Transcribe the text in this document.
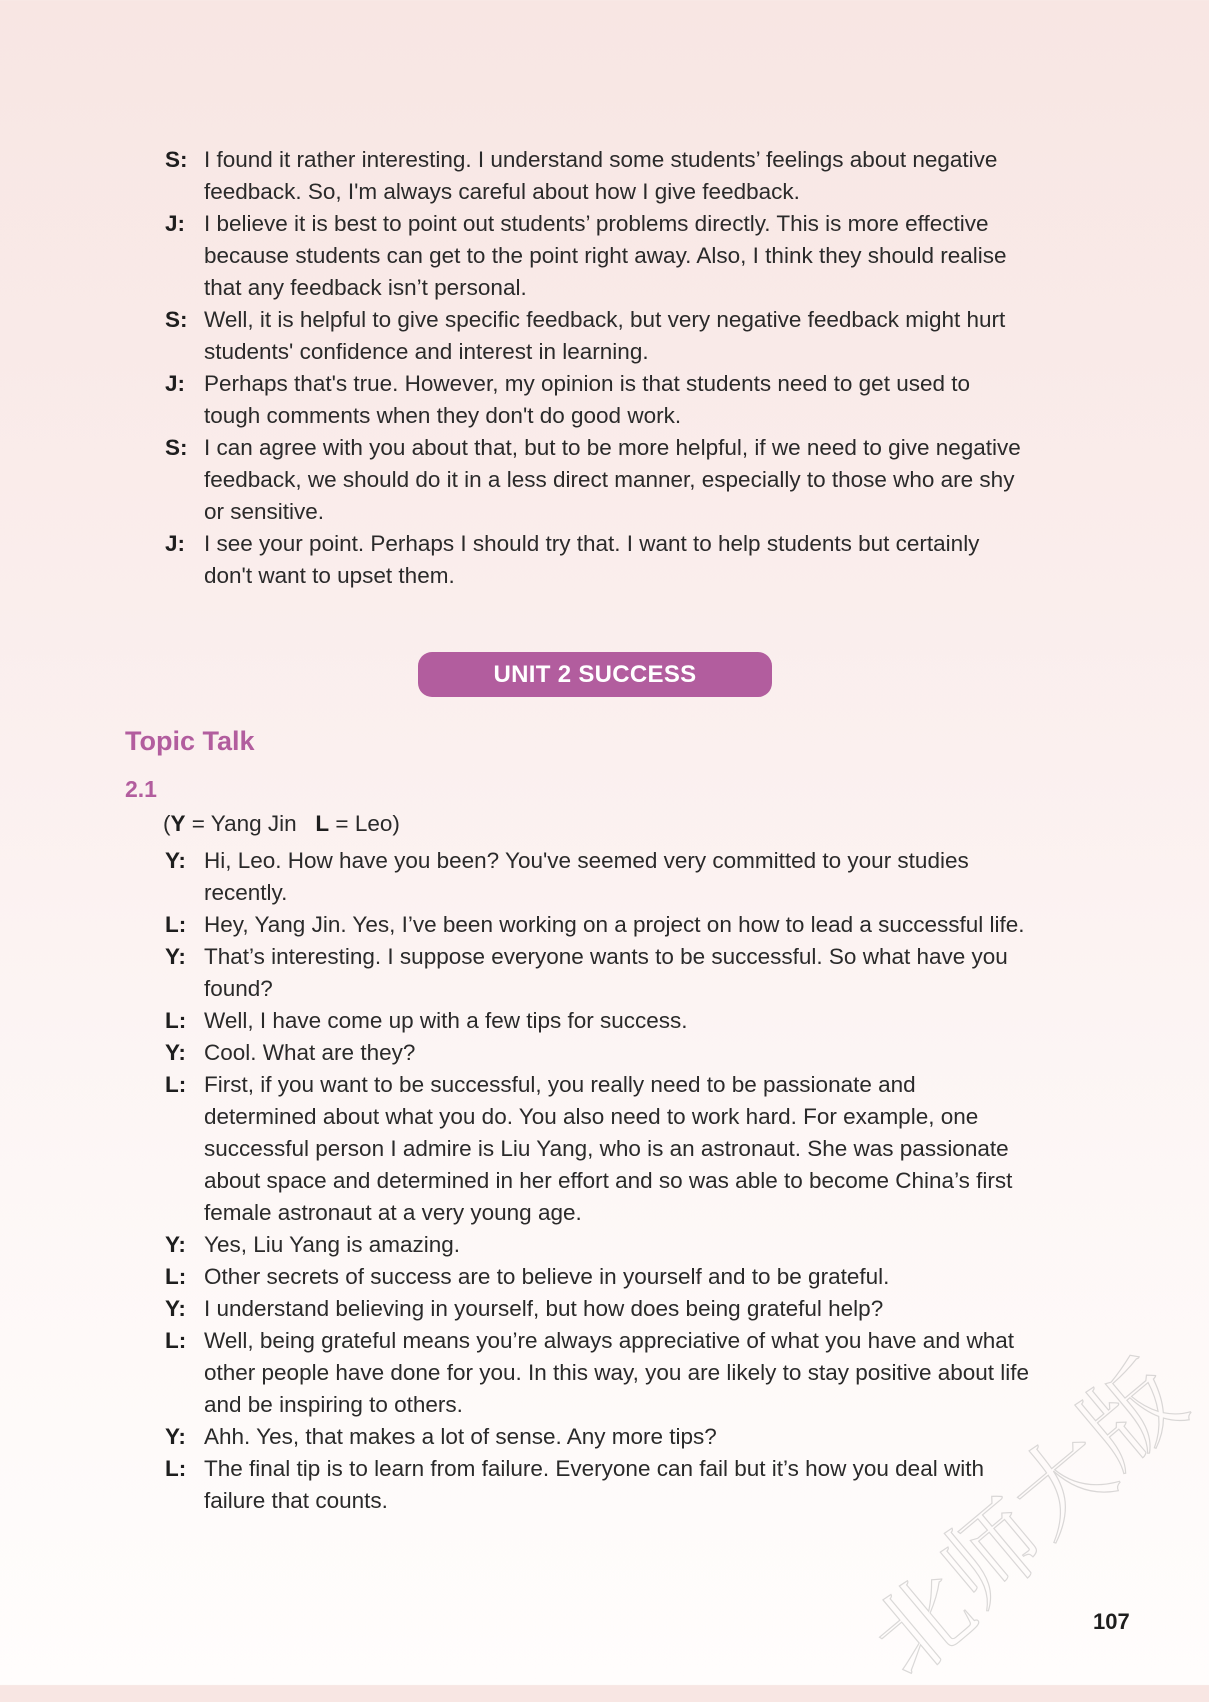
S: I found it rather interesting. I understand some students’ feelings about negative
feedback. So, I'm always careful about how I give feedback.
J: I believe it is best to point out students’ problems directly. This is more effective
because students can get to the point right away. Also, I think they should realise
that any feedback isn’t personal.
S: Well, it is helpful to give specific feedback, but very negative feedback might hurt
students' confidence and interest in learning.
J: Perhaps that's true. However, my opinion is that students need to get used to
tough comments when they don't do good work.
S: I can agree with you about that, but to be more helpful, if we need to give negative
feedback, we should do it in a less direct manner, especially to those who are shy
or sensitive.
J: I see your point. Perhaps I should try that. I want to help students but certainly
don't want to upset them.
UNIT 2 SUCCESS
Topic Talk
2.1
(Y = Yang Jin L = Leo)
Y: Hi, Leo. How have you been? You've seemed very committed to your studies
recently.
L: Hey, Yang Jin. Yes, I’ve been working on a project on how to lead a successful life.
Y: That’s interesting. I suppose everyone wants to be successful. So what have you
found?
L: Well, I have come up with a few tips for success.
Y: Cool. What are they?
L: First, if you want to be successful, you really need to be passionate and
determined about what you do. You also need to work hard. For example, one
successful person I admire is Liu Yang, who is an astronaut. She was passionate
about space and determined in her effort and so was able to become China’s first
female astronaut at a very young age.
Y: Yes, Liu Yang is amazing.
L: Other secrets of success are to believe in yourself and to be grateful.
Y: I understand believing in yourself, but how does being grateful help?
L: Well, being grateful means you’re always appreciative of what you have and what
other people have done for you. In this way, you are likely to stay positive about life
and be inspiring to others.
Y: Ahh. Yes, that makes a lot of sense. Any more tips?
L: The final tip is to learn from failure. Everyone can fail but it’s how you deal with
failure that counts.
北
师
大
版
107
